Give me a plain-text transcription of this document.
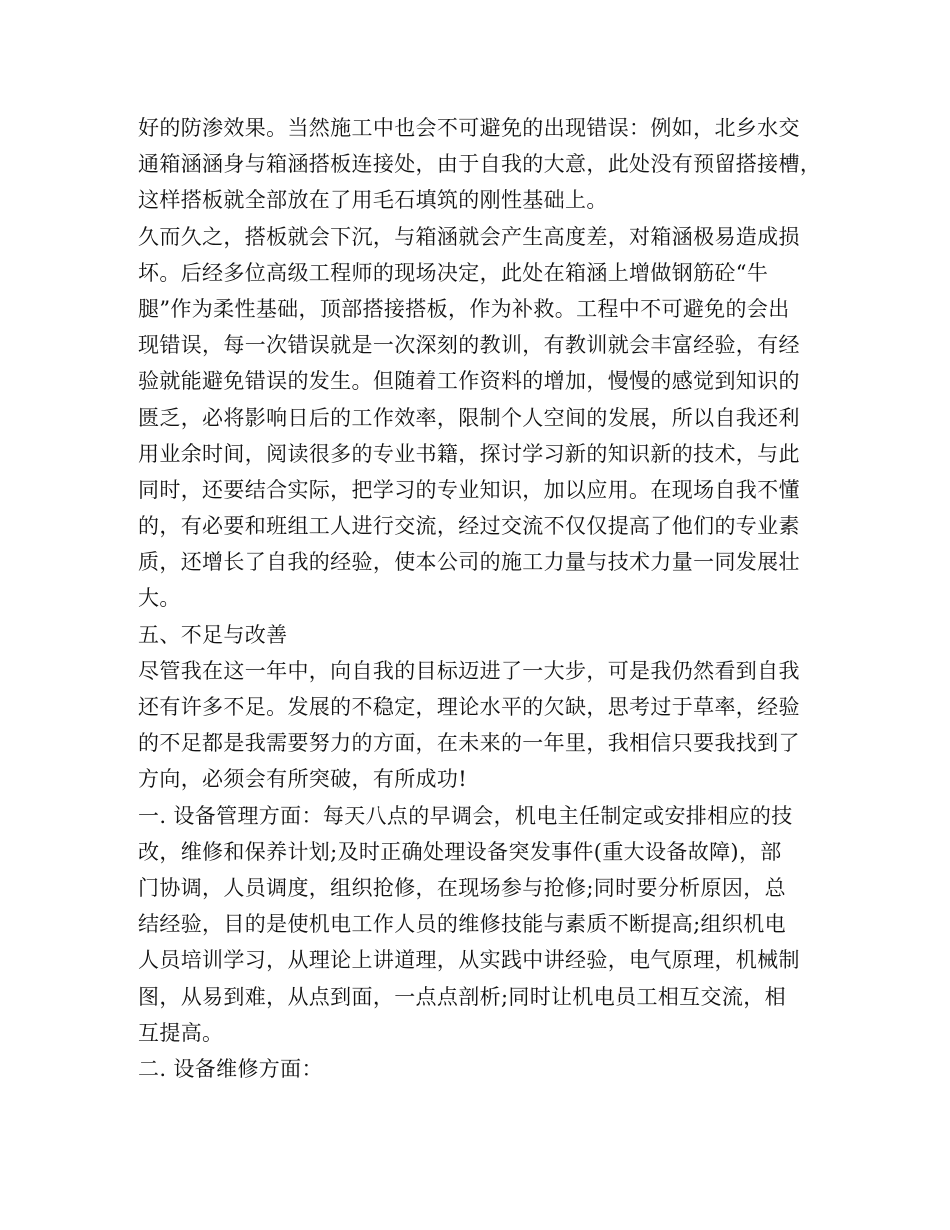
好的防渗效果。当然施工中也会不可避免的出现错误：例如，北乡水交
通箱涵涵身与箱涵搭板连接处，由于自我的大意，此处没有预留搭接槽，
这样搭板就全部放在了用毛石填筑的刚性基础上。
久而久之，搭板就会下沉，与箱涵就会产生高度差，对箱涵极易造成损
坏。后经多位高级工程师的现场决定，此处在箱涵上增做钢筋砼“牛
腿”作为柔性基础，顶部搭接搭板，作为补救。工程中不可避免的会出
现错误，每一次错误就是一次深刻的教训，有教训就会丰富经验，有经
验就能避免错误的发生。但随着工作资料的增加，慢慢的感觉到知识的
匮乏，必将影响日后的工作效率，限制个人空间的发展，所以自我还利
用业余时间，阅读很多的专业书籍，探讨学习新的知识新的技术，与此
同时，还要结合实际，把学习的专业知识，加以应用。在现场自我不懂
的，有必要和班组工人进行交流，经过交流不仅仅提高了他们的专业素
质，还增长了自我的经验，使本公司的施工力量与技术力量一同发展壮
大。
五、不足与改善
尽管我在这一年中，向自我的目标迈进了一大步，可是我仍然看到自我
还有许多不足。发展的不稳定，理论水平的欠缺，思考过于草率，经验
的不足都是我需要努力的方面，在未来的一年里，我相信只要我找到了
方向，必须会有所突破，有所成功!
一. 设备管理方面：每天八点的早调会，机电主任制定或安排相应的技
改，维修和保养计划;及时正确处理设备突发事件(重大设备故障)，部
门协调，人员调度，组织抢修，在现场参与抢修;同时要分析原因，总
结经验，目的是使机电工作人员的维修技能与素质不断提高;组织机电
人员培训学习，从理论上讲道理，从实践中讲经验，电气原理，机械制
图，从易到难，从点到面，一点点剖析;同时让机电员工相互交流，相
互提高。
二. 设备维修方面：
